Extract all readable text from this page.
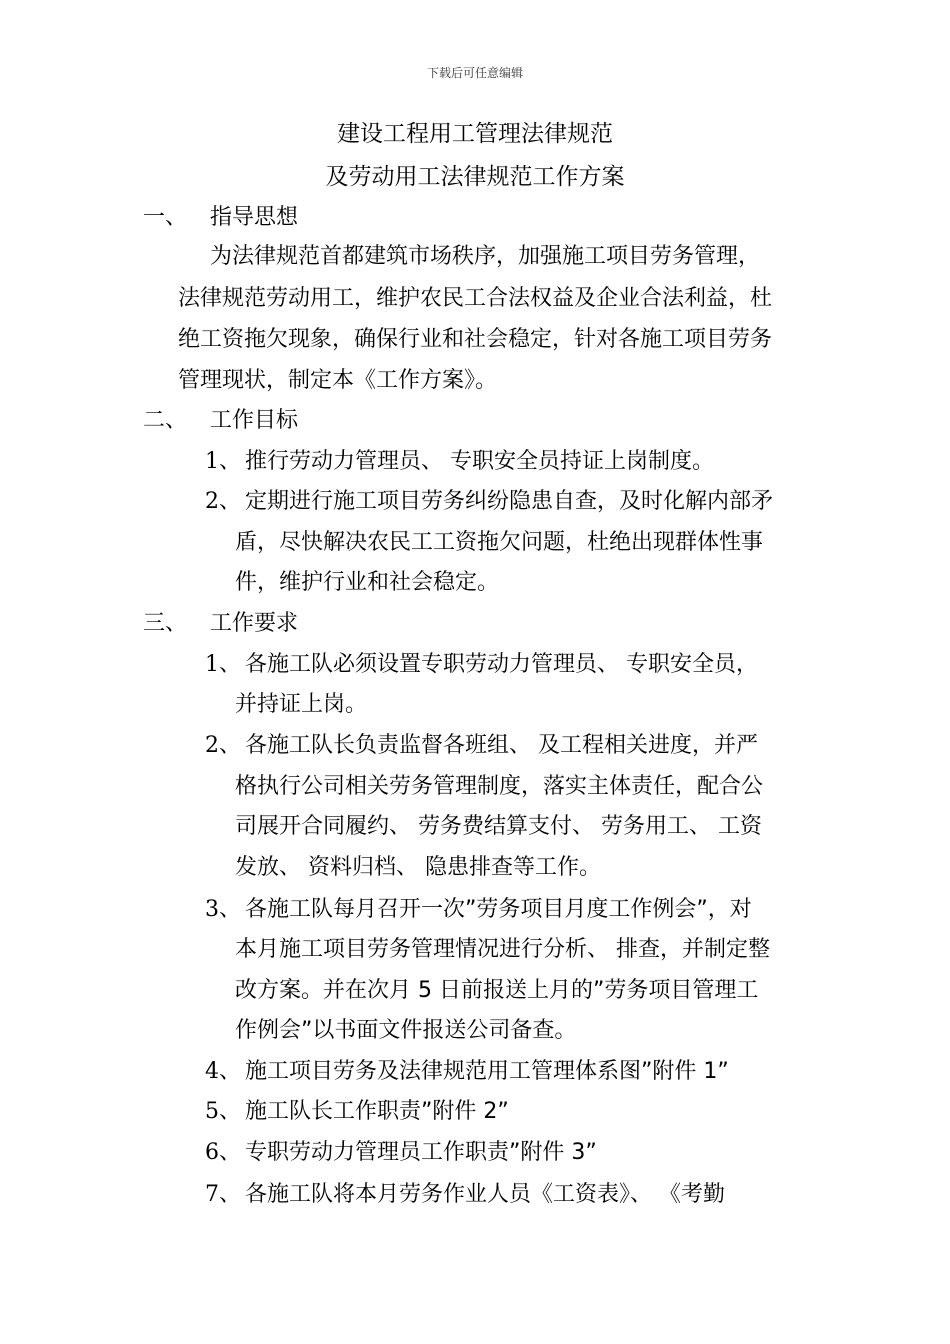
下载后可任意编辑
建设工程用工管理法律规范
及劳动用工法律规范工作方案
一、 指导思想
为法律规范首都建筑市场秩序，加强施工项目劳务管理，
法律规范劳动用工，维护农民工合法权益及企业合法利益，杜
绝工资拖欠现象，确保行业和社会稳定，针对各施工项目劳务
管理现状，制定本《工作方案》。
二、 工作目标
1、 推行劳动力管理员、 专职安全员持证上岗制度。
2、 定期进行施工项目劳务纠纷隐患自查，及时化解内部矛
盾，尽快解决农民工工资拖欠问题，杜绝出现群体性事
件，维护行业和社会稳定。
三、 工作要求
1、 各施工队必须设置专职劳动力管理员、 专职安全员，
并持证上岗。
2、 各施工队长负责监督各班组、 及工程相关进度，并严
格执行公司相关劳务管理制度，落实主体责任，配合公
司展开合同履约、 劳务费结算支付、 劳务用工、 工资
发放、 资料归档、 隐患排查等工作。
3、 各施工队每月召开一次”劳务项目月度工作例会”，对
本月施工项目劳务管理情况进行分析、 排查，并制定整
改方案。并在次月 5 日前报送上月的”劳务项目管理工
作例会”以书面文件报送公司备查。
4、 施工项目劳务及法律规范用工管理体系图”附件 1”
5、 施工队长工作职责”附件 2”
6、 专职劳动力管理员工作职责”附件 3”
7、 各施工队将本月劳务作业人员《工资表》、 《考勤
